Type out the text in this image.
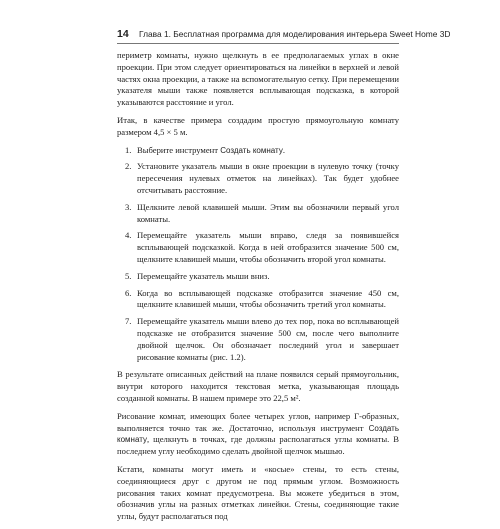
14 Глава 1. Бесплатная программа для моделирования интерьера Sweet Home 3D

периметр комнаты, нужно щелкнуть в ее предполагаемых углах в окне проекции. При этом следует ориентироваться на линейки в верхней и левой частях окна проекции, а также на вспомогательную сетку. При перемещении указателя мыши также появляется всплывающая подсказка, в которой указываются расстояние и угол.

Итак, в качестве примера создадим простую прямоугольную комнату размером 4,5 × 5 м.

1. Выберите инструмент Создать комнату.
2. Установите указатель мыши в окне проекции в нулевую точку (точку пересечения нулевых отметок на линейках). Так будет удобнее отсчитывать расстояние.
3. Щелкните левой клавишей мыши. Этим вы обозначили первый угол комнаты.
4. Перемещайте указатель мыши вправо, следя за появившейся всплывающей подсказкой. Когда в ней отобразится значение 500 см, щелкните клавишей мыши, чтобы обозначить второй угол комнаты.
5. Перемещайте указатель мыши вниз.
6. Когда во всплывающей подсказке отобразится значение 450 см, щелкните клавишей мыши, чтобы обозначить третий угол комнаты.
7. Перемещайте указатель мыши влево до тех пор, пока во всплывающей подсказке не отобразится значение 500 см, после чего выполните двойной щелчок. Он обозначает последний угол и завершает рисование комнаты (рис. 1.2).

В результате описанных действий на плане появился серый прямоугольник, внутри которого находится текстовая метка, указывающая площадь созданной комнаты. В нашем примере это 22,5 м².

Рисование комнат, имеющих более четырех углов, например Г-образных, выполняется точно так же. Достаточно, используя инструмент Создать комнату, щелкнуть в точках, где должны располагаться углы комнаты. В последнем углу необходимо сделать двойной щелчок мышью.

Кстати, комнаты могут иметь и «косые» стены, то есть стены, соединяющиеся друг с другом не под прямым углом. Возможность рисования таких комнат предусмотрена. Вы можете убедиться в этом, обозначив углы на разных отметках линейки. Стены, соединяющие такие углы, будут располагаться под
